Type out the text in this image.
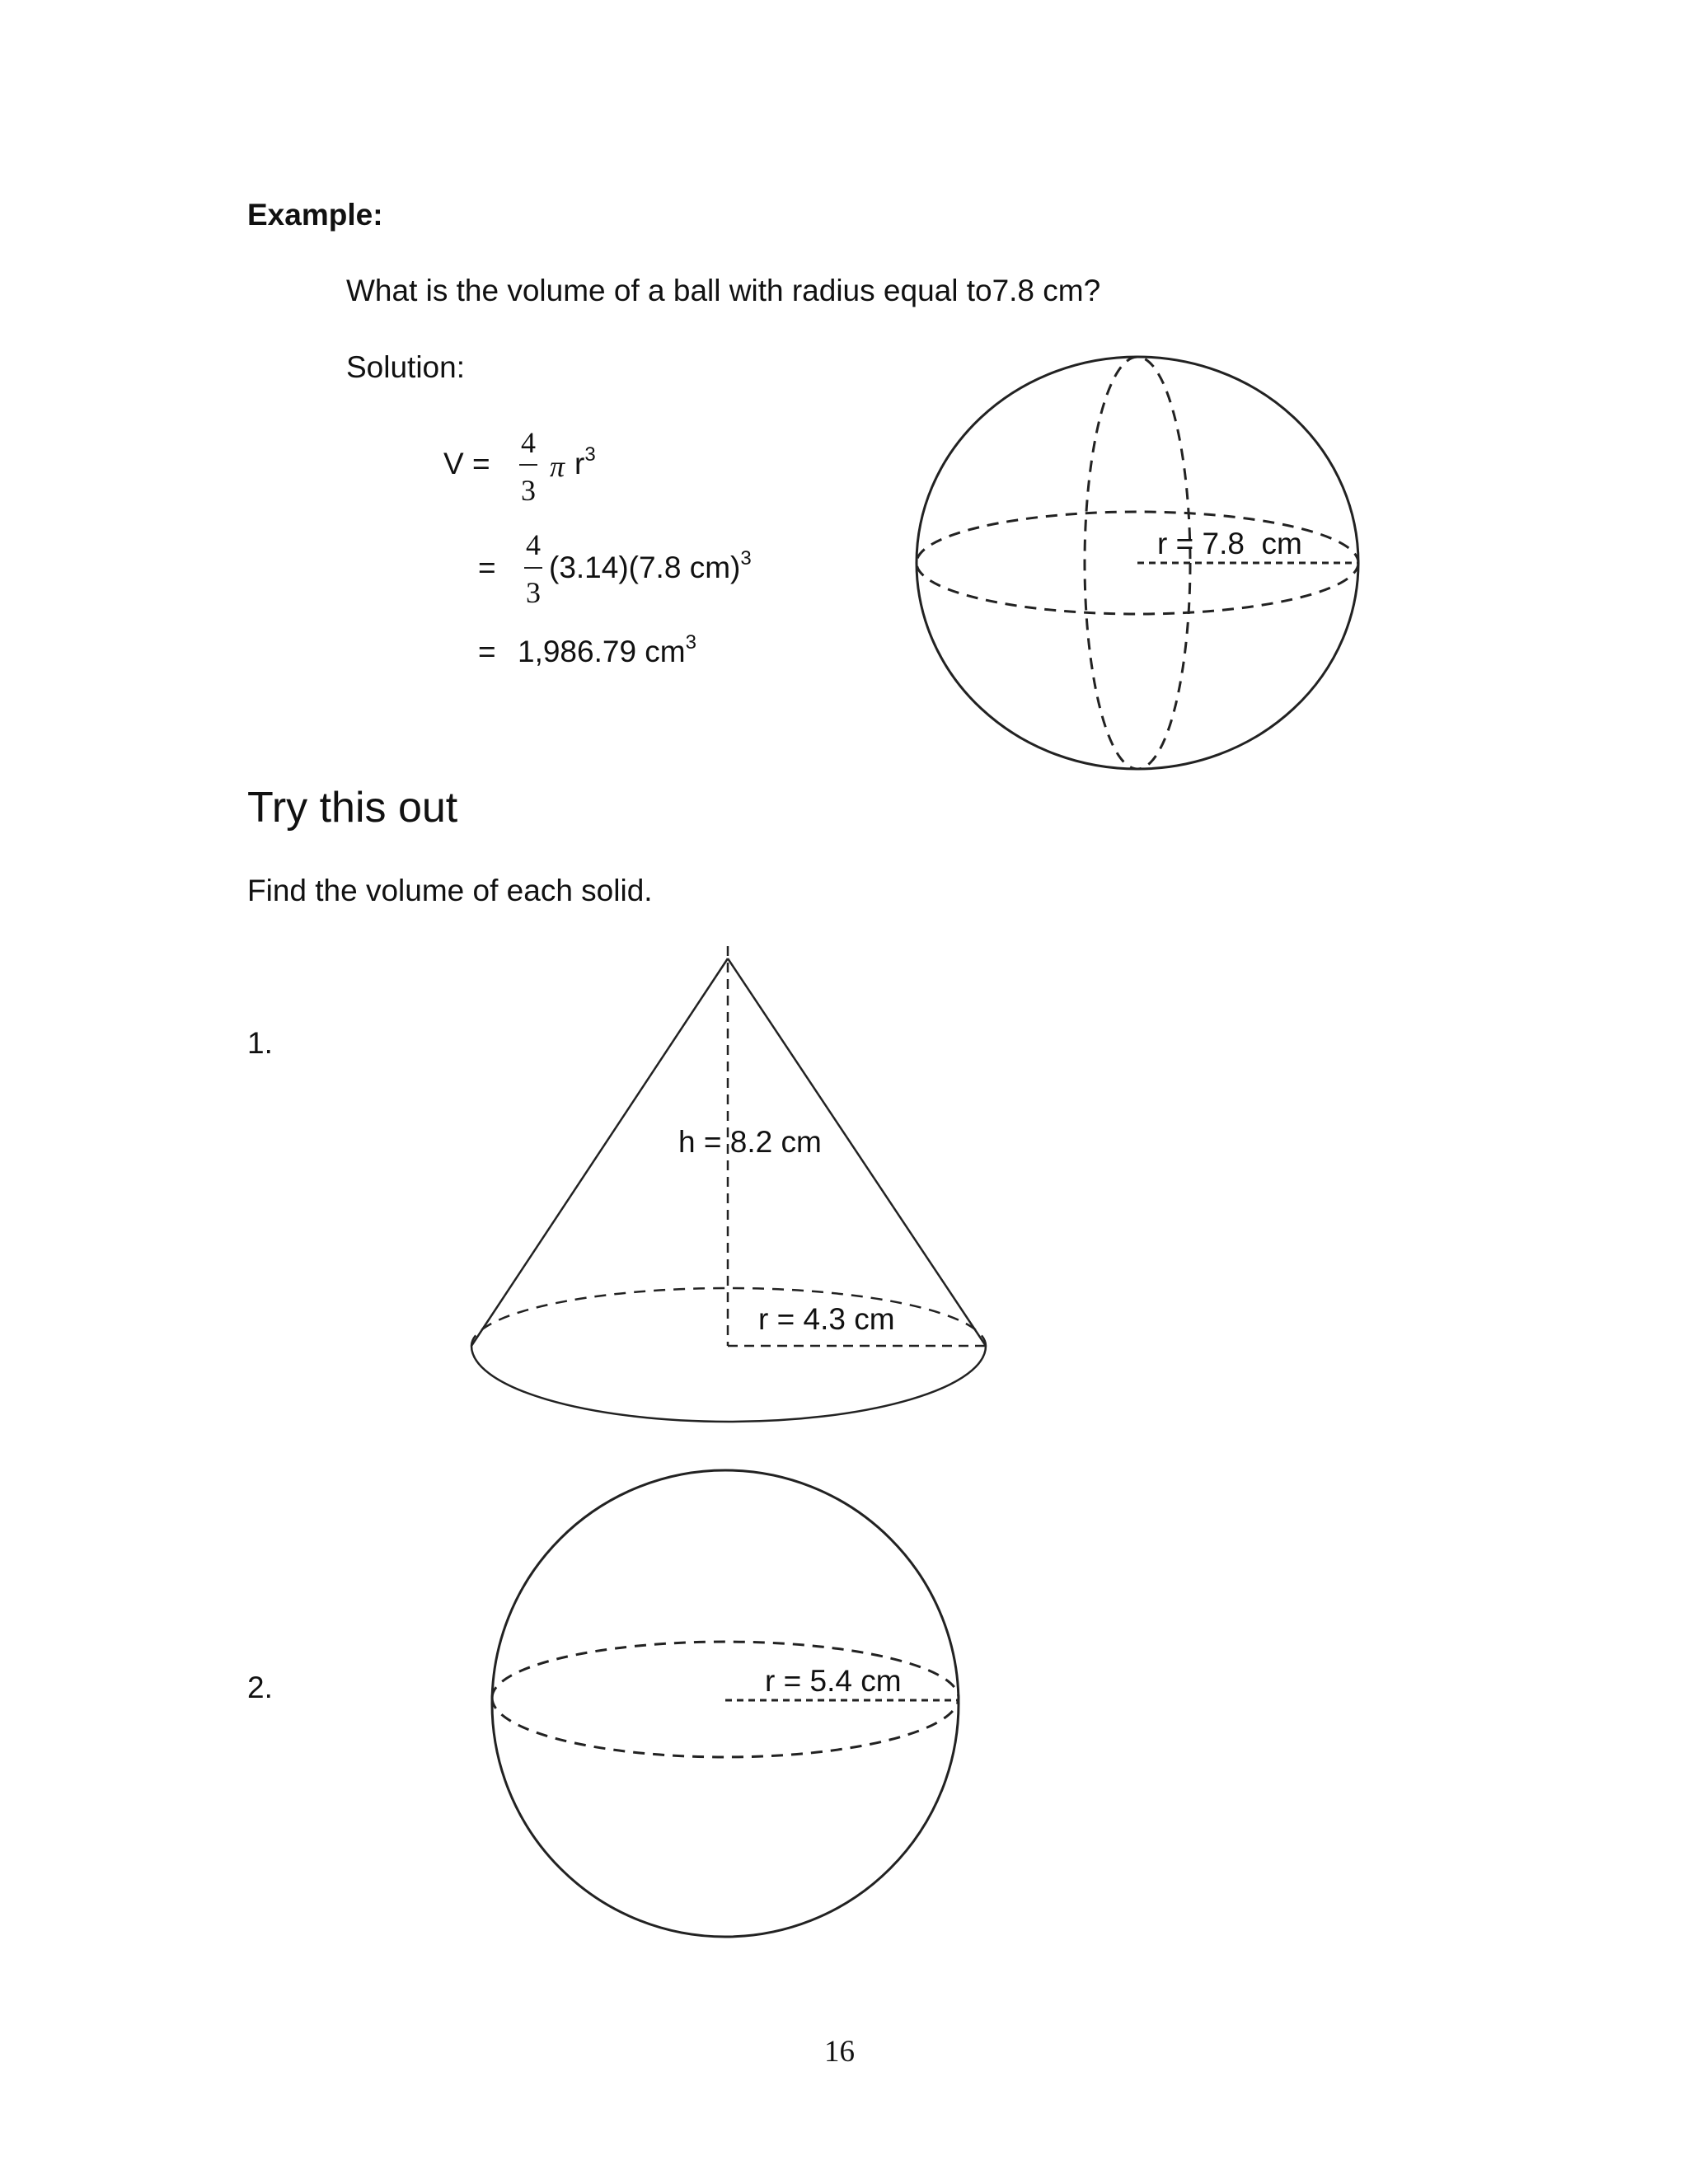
Example:
What is the volume of a ball with radius equal to7.8 cm?
Solution:
V =
4
3
π $r^3$
=
4
3
(3.14)(7.8 cm)$^3$
= 1,986.79 $cm^3$
Try this out
Find the volume of each solid.
1.
2.
r = 7.8  cm
h = 8.2 cm
r = 4.3 cm
r = 5.4 cm
16
